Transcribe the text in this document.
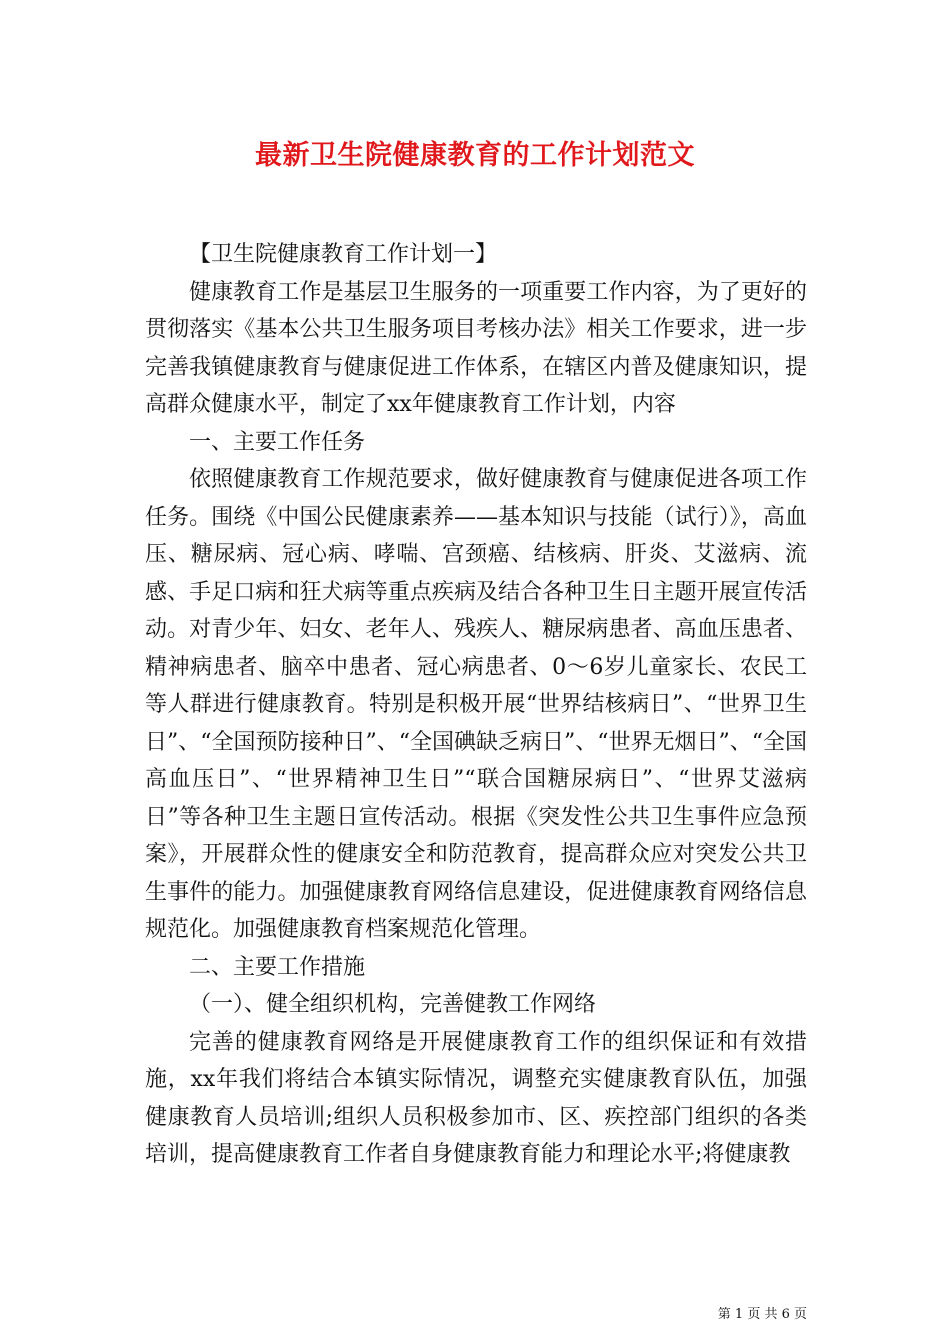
最新卫生院健康教育的工作计划范文

【卫生院健康教育工作计划一】

健康教育工作是基层卫生服务的一项重要工作内容，为了更好的贯彻落实《基本公共卫生服务项目考核办法》相关工作要求，进一步完善我镇健康教育与健康促进工作体系，在辖区内普及健康知识，提高群众健康水平，制定了xx年健康教育工作计划，内容

一、主要工作任务

依照健康教育工作规范要求，做好健康教育与健康促进各项工作任务。围绕《中国公民健康素养——基本知识与技能（试行）》，高血压、糖尿病、冠心病、哮喘、宫颈癌、结核病、肝炎、艾滋病、流感、手足口病和狂犬病等重点疾病及结合各种卫生日主题开展宣传活动。对青少年、妇女、老年人、残疾人、糖尿病患者、高血压患者、精神病患者、脑卒中患者、冠心病患者、0～6岁儿童家长、农民工等人群进行健康教育。特别是积极开展“世界结核病日”、“世界卫生日”、“全国预防接种日”、“全国碘缺乏病日”、“世界无烟日”、“全国高血压日”、“世界精神卫生日”“联合国糖尿病日”、“世界艾滋病日”等各种卫生主题日宣传活动。根据《突发性公共卫生事件应急预案》，开展群众性的健康安全和防范教育，提高群众应对突发公共卫生事件的能力。加强健康教育网络信息建设，促进健康教育网络信息规范化。加强健康教育档案规范化管理。

二、主要工作措施

（一）、健全组织机构，完善健教工作网络

完善的健康教育网络是开展健康教育工作的组织保证和有效措施，xx年我们将结合本镇实际情况，调整充实健康教育队伍，加强健康教育人员培训;组织人员积极参加市、区、疾控部门组织的各类培训，提高健康教育工作者自身健康教育能力和理论水平;将健康教

第 1 页 共 6 页
